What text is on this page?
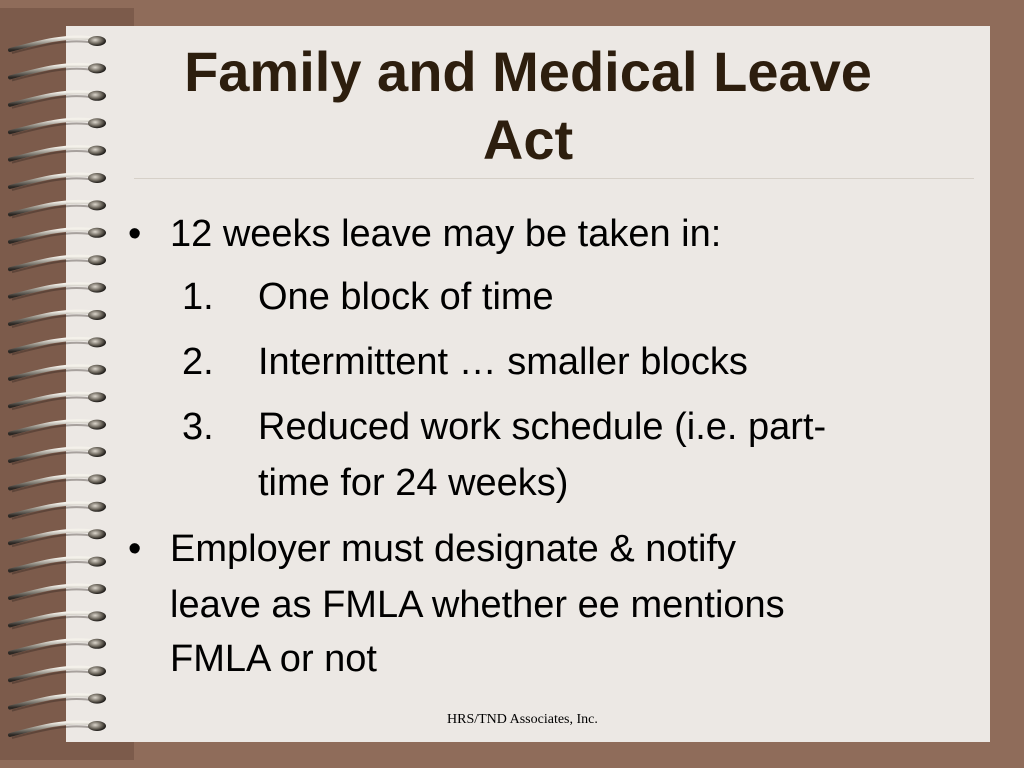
Family and Medical Leave
Act
• 12 weeks leave may be taken in:
1. One block of time
2. Intermittent … smaller blocks
3. Reduced work schedule (i.e. part-
time for 24 weeks)
• Employer must designate & notify
leave as FMLA whether ee mentions
FMLA or not
HRS/TND Associates, Inc.
